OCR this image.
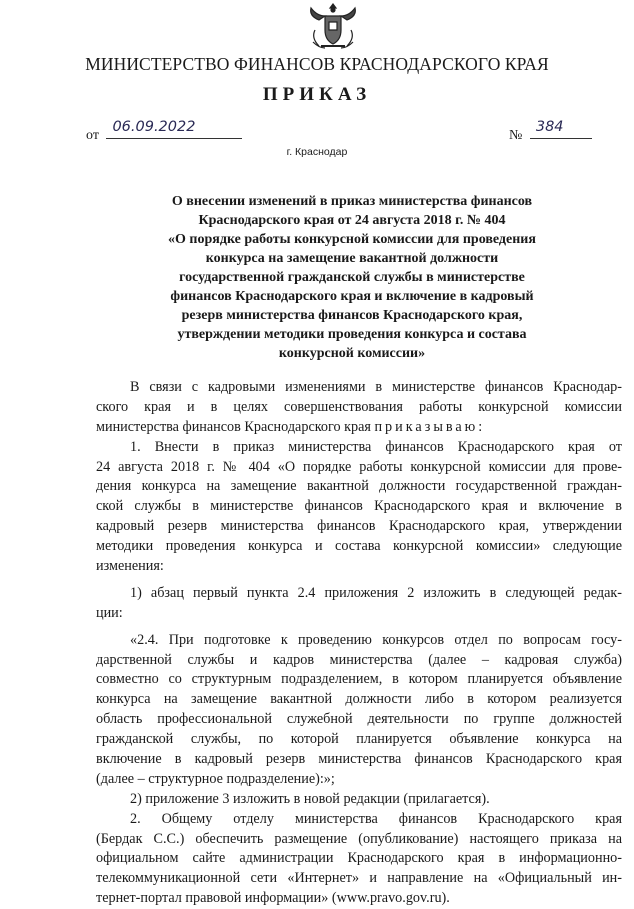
МИНИСТЕРСТВО ФИНАНСОВ КРАСНОДАРСКОГО КРАЯ
ПРИКАЗ
от
06.09.2022
№
384
г. Краснодар
О внесении изменений в приказ министерства финансов
Краснодарского края от 24 августа 2018 г. № 404
«О порядке работы конкурсной комиссии для проведения
конкурса на замещение вакантной должности
государственной гражданской службы в министерстве
финансов Краснодарского края и включение в кадровый
резерв министерства финансов Краснодарского края,
утверждении методики проведения конкурса и состава
конкурсной комиссии»
В связи с кадровыми изменениями в министерстве финансов Краснодар-
ского края и в целях совершенствования работы конкурсной комиссии
министерства финансов Краснодарского края приказываю:
1. Внести в приказ министерства финансов Краснодарского края от
24 августа 2018 г. № 404 «О порядке работы конкурсной комиссии для прове-
дения конкурса на замещение вакантной должности государственной граждан-
ской службы в министерстве финансов Краснодарского края и включение в
кадровый резерв министерства финансов Краснодарского края, утверждении
методики проведения конкурса и состава конкурсной комиссии» следующие
изменения:
1) абзац первый пункта 2.4 приложения 2 изложить в следующей редак-
ции:
«2.4. При подготовке к проведению конкурсов отдел по вопросам госу-
дарственной службы и кадров министерства (далее – кадровая служба)
совместно со структурным подразделением, в котором планируется объявление
конкурса на замещение вакантной должности либо в котором реализуется
область профессиональной служебной деятельности по группе должностей
гражданской службы, по которой планируется объявление конкурса на
включение в кадровый резерв министерства финансов Краснодарского края
(далее – структурное подразделение):»;
2) приложение 3 изложить в новой редакции (прилагается).
2. Общему отделу министерства финансов Краснодарского края
(Бердак С.С.) обеспечить размещение (опубликование) настоящего приказа на
официальном сайте администрации Краснодарского края в информационно-
телекоммуникационной сети «Интернет» и направление на «Официальный ин-
тернет-портал правовой информации» (www.pravo.gov.ru).
